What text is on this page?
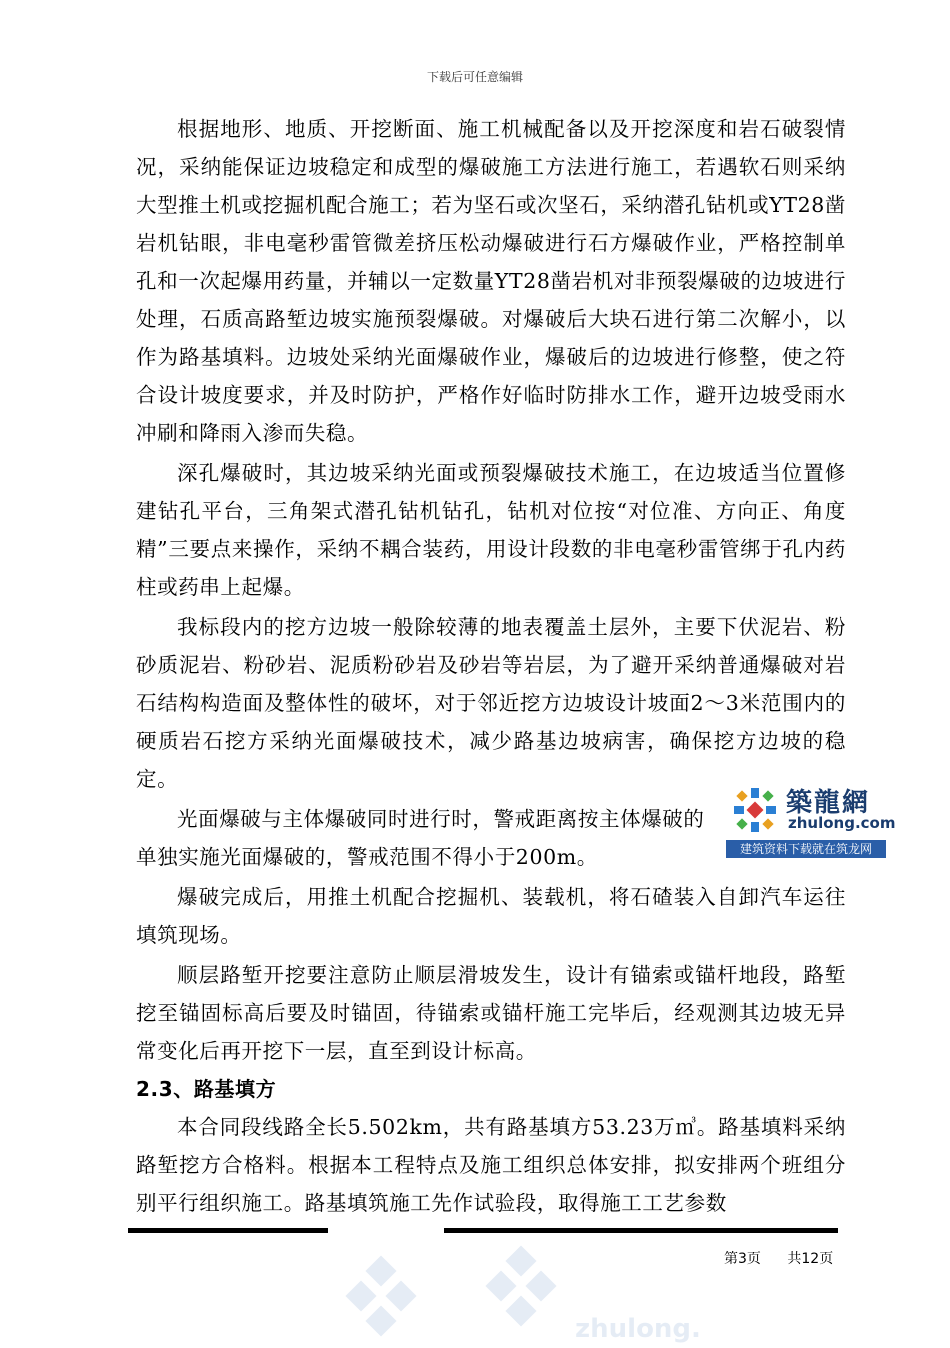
下载后可任意编辑

根据地形、地质、开挖断面、施工机械配备以及开挖深度和岩石破裂情况，采纳能保证边坡稳定和成型的爆破施工方法进行施工，若遇软石则采纳大型推土机或挖掘机配合施工；若为坚石或次坚石，采纳潜孔钻机或YT28凿岩机钻眼，非电毫秒雷管微差挤压松动爆破进行石方爆破作业，严格控制单孔和一次起爆用药量，并辅以一定数量YT28凿岩机对非预裂爆破的边坡进行处理，石质高路堑边坡实施预裂爆破。对爆破后大块石进行第二次解小，以作为路基填料。边坡处采纳光面爆破作业，爆破后的边坡进行修整，使之符合设计坡度要求，并及时防护，严格作好临时防排水工作，避开边坡受雨水冲刷和降雨入渗而失稳。

深孔爆破时，其边坡采纳光面或预裂爆破技术施工，在边坡适当位置修建钻孔平台，三角架式潜孔钻机钻孔，钻机对位按“对位准、方向正、角度精”三要点来操作，采纳不耦合装药，用设计段数的非电毫秒雷管绑于孔内药柱或药串上起爆。

我标段内的挖方边坡一般除较薄的地表覆盖土层外，主要下伏泥岩、粉砂质泥岩、粉砂岩、泥质粉砂岩及砂岩等岩层，为了避开采纳普通爆破对岩石结构构造面及整体性的破坏，对于邻近挖方边坡设计坡面2～3米范围内的硬质岩石挖方采纳光面爆破技术，减少路基边坡病害，确保挖方边坡的稳定。

光面爆破与主体爆破同时进行时，警戒距离按主体爆破的

单独实施光面爆破的，警戒范围不得小于200m。

爆破完成后，用推土机配合挖掘机、装载机，将石碴装入自卸汽车运往填筑现场。

顺层路堑开挖要注意防止顺层滑坡发生，设计有锚索或锚杆地段，路堑挖至锚固标高后要及时锚固，待锚索或锚杆施工完毕后，经观测其边坡无异常变化后再开挖下一层，直至到设计标高。

2.3、路基填方

本合同段线路全长5.502km，共有路基填方53.23万㎥。路基填料采纳路堑挖方合格料。根据本工程特点及施工组织总体安排，拟安排两个班组分别平行组织施工。路基填筑施工先作试验段，取得施工工艺参数

築龍網
zhulong.com
建筑资料下载就在筑龙网
第3页 共12页
zhulong.
